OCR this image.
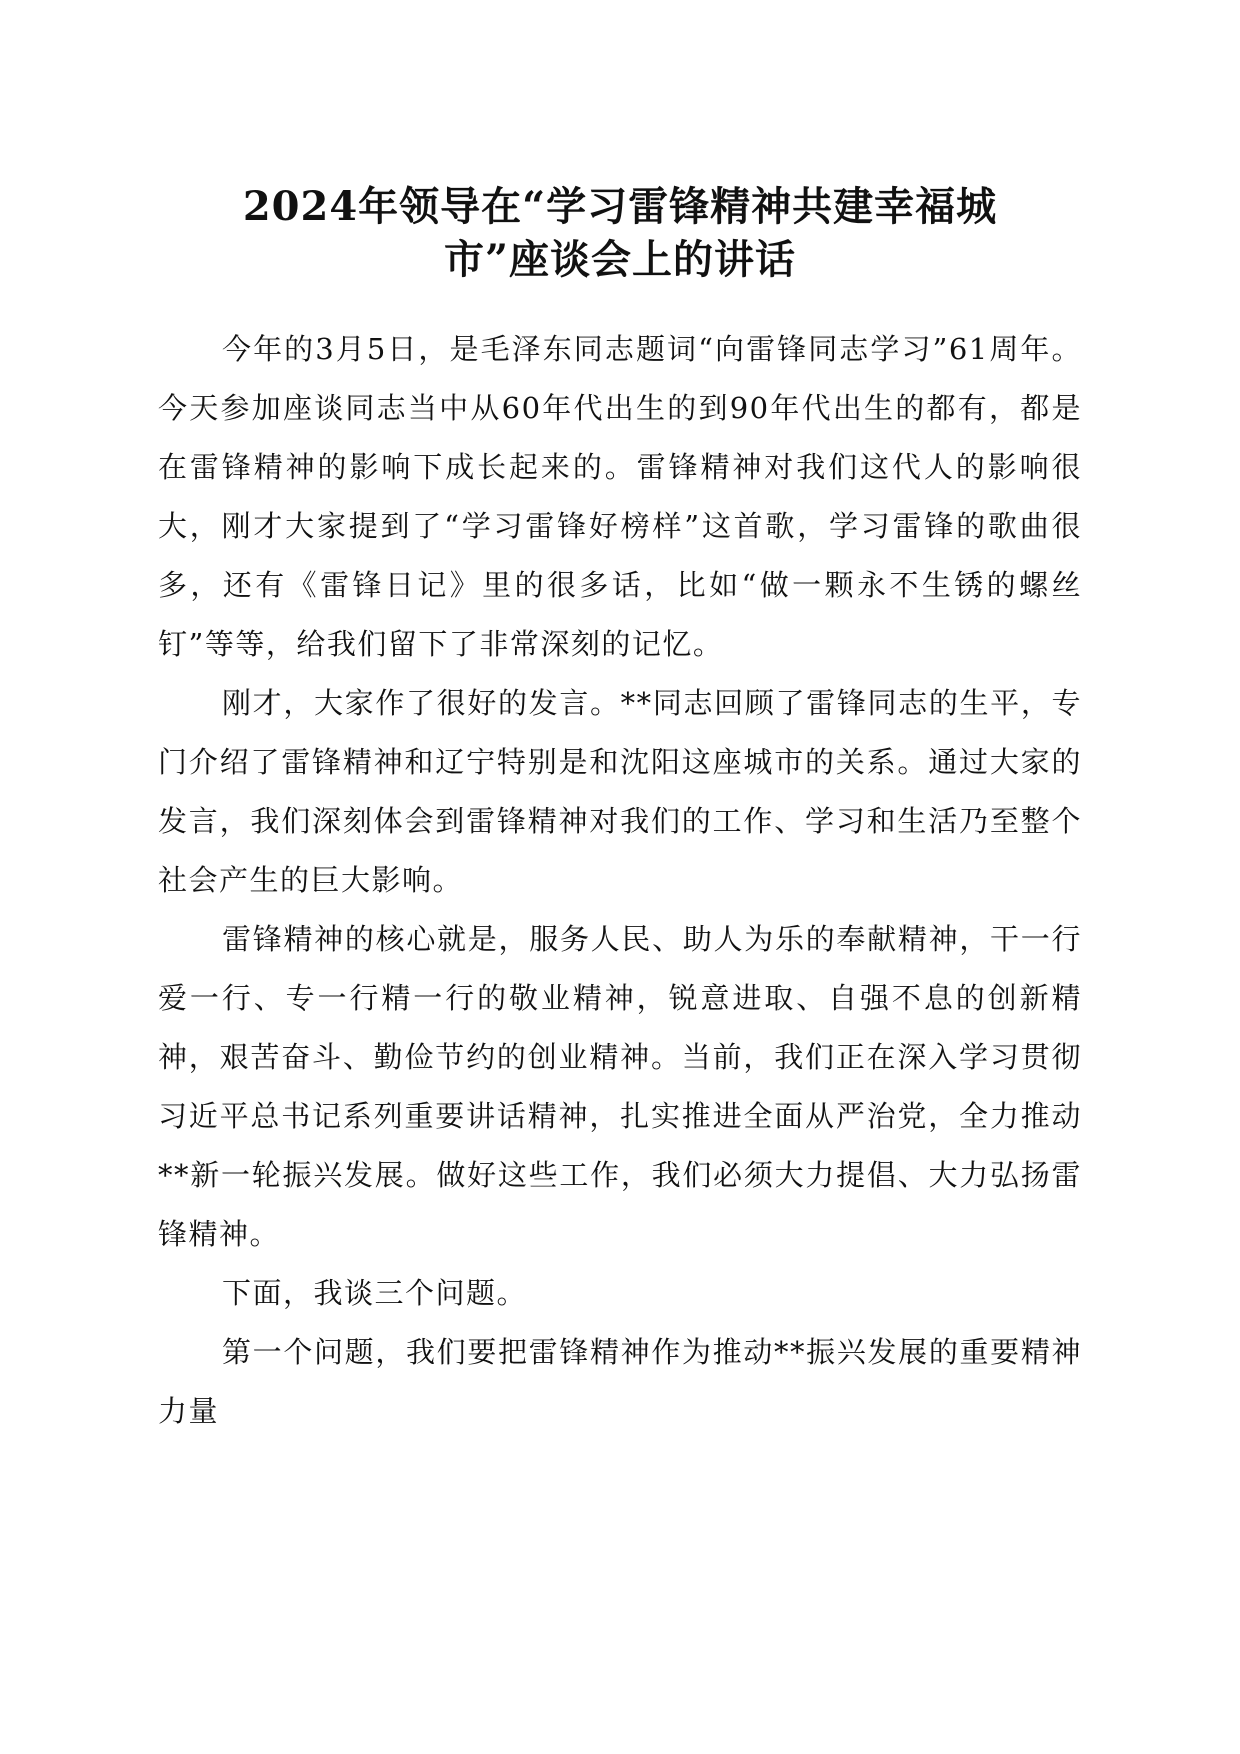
2024年领导在“学习雷锋精神共建幸福城
市”座谈会上的讲话

今年的3月5日，是毛泽东同志题词“向雷锋同志学习”61周年。今天参加座谈同志当中从60年代出生的到90年代出生的都有，都是在雷锋精神的影响下成长起来的。雷锋精神对我们这代人的影响很大，刚才大家提到了“学习雷锋好榜样”这首歌，学习雷锋的歌曲很多，还有《雷锋日记》里的很多话，比如“做一颗永不生锈的螺丝钉”等等，给我们留下了非常深刻的记忆。

刚才，大家作了很好的发言。**同志回顾了雷锋同志的生平，专门介绍了雷锋精神和辽宁特别是和沈阳这座城市的关系。通过大家的发言，我们深刻体会到雷锋精神对我们的工作、学习和生活乃至整个社会产生的巨大影响。

雷锋精神的核心就是，服务人民、助人为乐的奉献精神，干一行爱一行、专一行精一行的敬业精神，锐意进取、自强不息的创新精神，艰苦奋斗、勤俭节约的创业精神。当前，我们正在深入学习贯彻习近平总书记系列重要讲话精神，扎实推进全面从严治党，全力推动**新一轮振兴发展。做好这些工作，我们必须大力提倡、大力弘扬雷锋精神。

下面，我谈三个问题。

第一个问题，我们要把雷锋精神作为推动**振兴发展的重要精神力量
